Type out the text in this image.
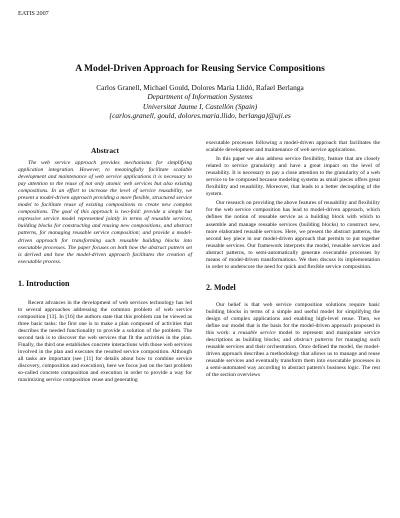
EATIS 2007
A Model-Driven Approach for Reusing Service Compositions
Carlos Granell, Michael Gould, Dolores María Llidó, Rafael Berlanga
Department of Information Systems
Universitat Jaume I, Castellón (Spain)
{carlos.granell, gould, dolores.maria.llido, berlanga}@uji.es
Abstract

The web service approach provides mechanisms for simplifying application integration. However, to meaningfully facilitate scalable development and maintenance of web service applications it is necessary to pay attention to the reuse of not only atomic web services but also existing compositions. In an effort to increase the level of service reusability, we present a model-driven approach providing a more flexible, structured service model to facilitate reuse of existing compositions to create new complex compositions. The goal of this approach is two-fold: provide a simple but expressive service model represented jointly in terms of reusable services, building blocks for constructing and reusing new compositions, and abstract patterns, for managing reusable service composition; and provide a model-driven approach for transforming such reusable building blocks into executable processes. The paper focuses on both how the abstract pattern set is derived and how the model-driven approach facilitates the creation of executable process.

1. Introduction

Recent advances in the development of web services technology has led to several approaches addressing the common problem of web service composition [13]. In [16] the authors state that this problem can be viewed as three basic tasks: the first one is to make a plan composed of activities that describes the needed functionality to provide a solution of the problem. The second task is to discover the web services that fit the activities in the plan. Finally, the third one establishes concrete interactions with those web services involved in the plan and executes the resulted service composition. Although all tasks are important (see [11] for details about how to combine service discovery, composition and execution), here we focus just on the last problem so-called concrete composition and execution in order to provide a way for maximizing service composition reuse and generating

executable processes following a model-driven approach that facilitates the scalable development and maintenance of web service applications.

In this paper we also address service flexibility, feature that are closely related to service granularity and have a great impact on the level of reusability. It is necessary to pay a close attention to the granularity of a web service to be composed because modeling systems as small pieces offers great flexibility and reusability. Moreover, that leads to a better decoupling of the system.

Our research on providing the above features of reusability and flexibility for the web service composition has lead to model-driven approach, which defines the notion of reusable service as a building block with which to assemble and manage reusable services (building blocks) to construct new, more elaborated reusable services. Here, we present the abstract patterns, the second key piece in our model-driven approach that permits to put together reusable services. Our framework interprets the model, reusable services and abstract patterns, to semi-automatically generate executable processes by means of model-driven transformations. We then discuss its implementation in order to underscore the need for quick and flexible service composition.

2. Model

Our belief is that web service composition solutions require basic building blocks in terms of a simple and useful model for simplifying the design of complex applications and enabling high-level reuse. Then, we define our model that is the basis for the model-driven approach proposed in this work: a reusable service model to represent and manipulate service descriptions as building blocks; and abstract patterns for managing such reusable services and their orchestration. Once defined the model, the model-driven approach describes a methodology that allows us to manage and reuse reusable services and eventually transform them into executable processes in a semi-automated way according to abstract pattern's business logic. The rest of the section overviews
